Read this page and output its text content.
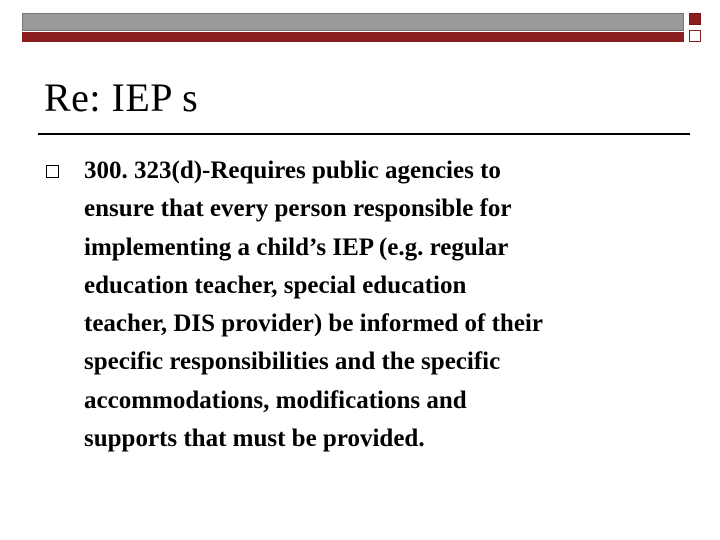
Re: IEP s
300. 323(d)-Requires public agencies to
ensure that every person responsible for
implementing a child’s IEP (e.g. regular
education teacher, special education
teacher, DIS provider) be informed of their
specific responsibilities and the specific
accommodations, modifications and
supports that must be provided.
